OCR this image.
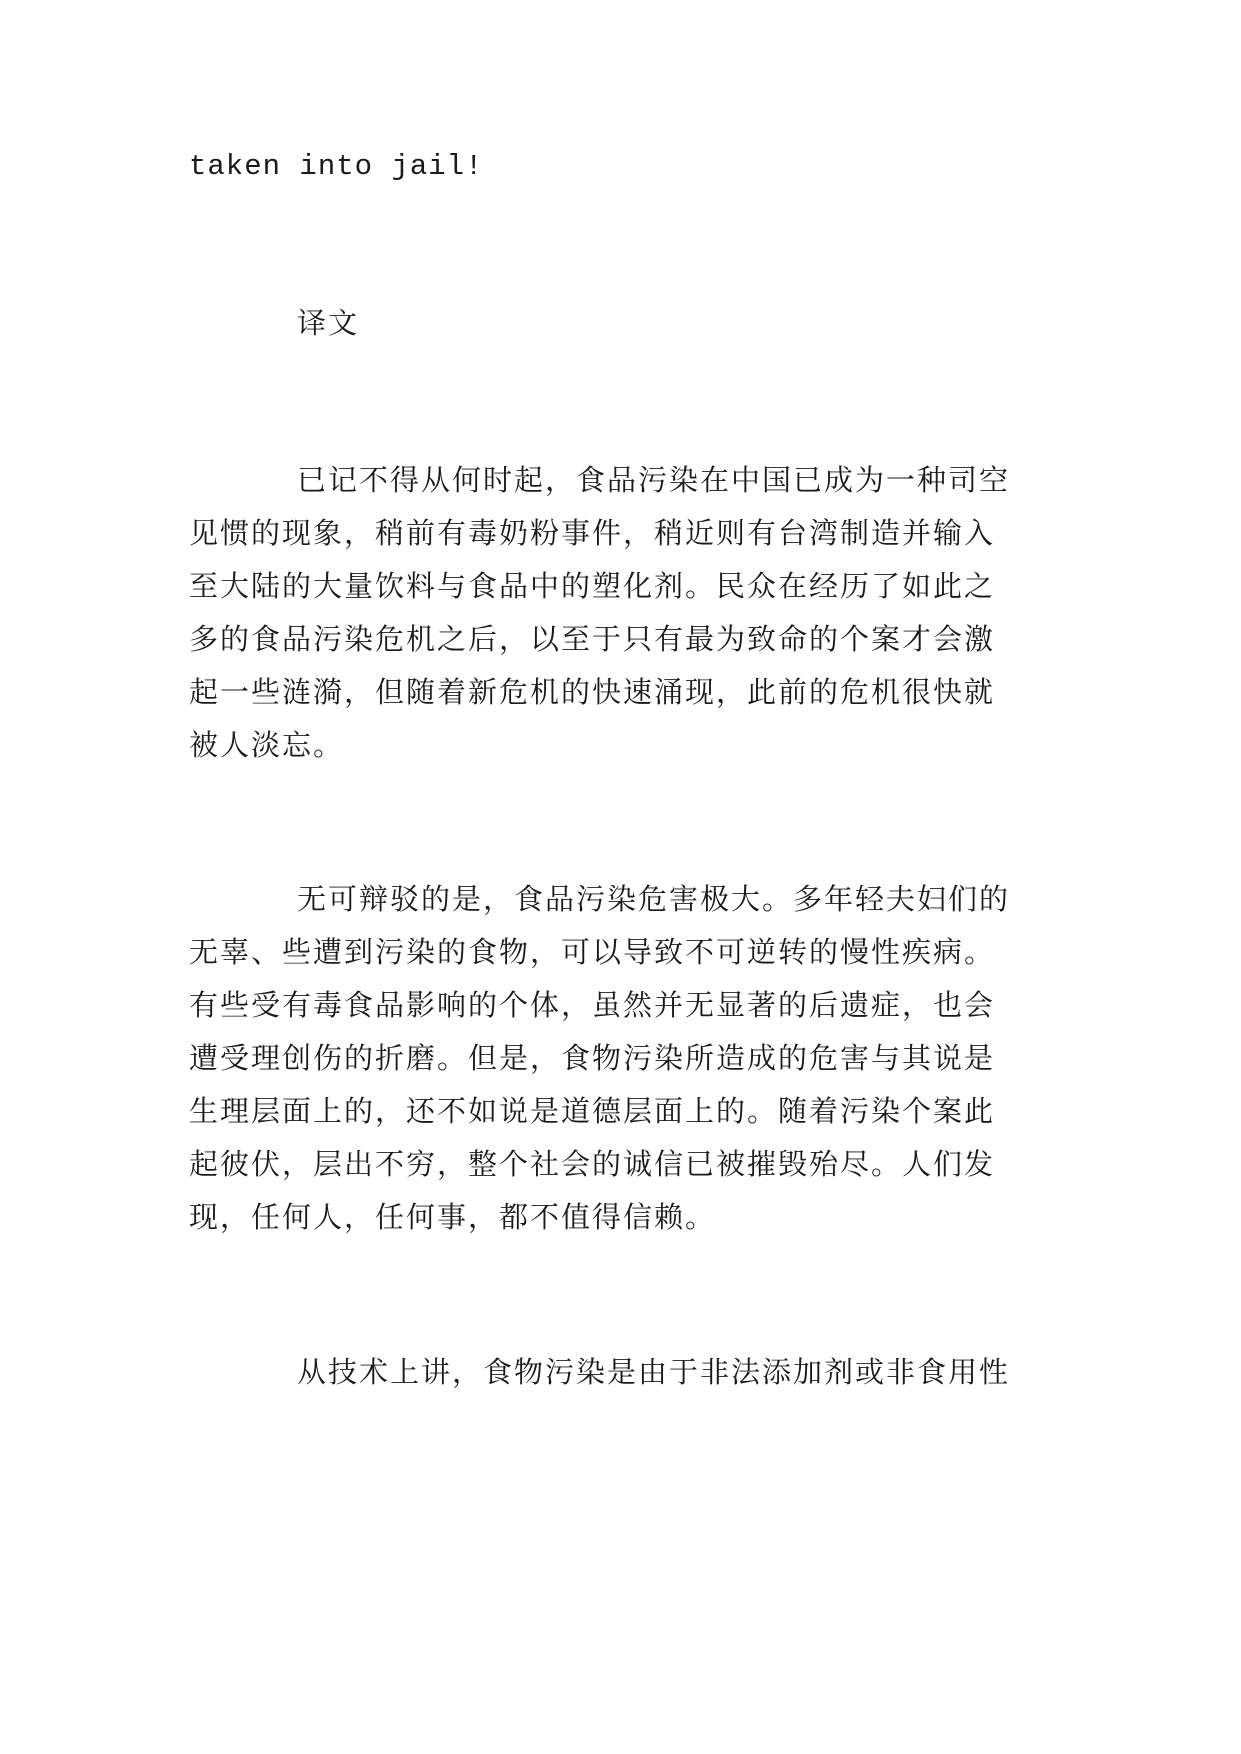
taken into jail!
译文
已记不得从何时起，食品污染在中国已成为一种司空
见惯的现象，稍前有毒奶粉事件，稍近则有台湾制造并输入
至大陆的大量饮料与食品中的塑化剂。民众在经历了如此之
多的食品污染危机之后，以至于只有最为致命的个案才会激
起一些涟漪，但随着新危机的快速涌现，此前的危机很快就
被人淡忘。
无可辩驳的是，食品污染危害极大。多年轻夫妇们的
无辜、些遭到污染的食物，可以导致不可逆转的慢性疾病。
有些受有毒食品影响的个体，虽然并无显著的后遗症，也会
遭受理创伤的折磨。但是，食物污染所造成的危害与其说是
生理层面上的，还不如说是道德层面上的。随着污染个案此
起彼伏，层出不穷，整个社会的诚信已被摧毁殆尽。人们发
现，任何人，任何事，都不值得信赖。
从技术上讲，食物污染是由于非法添加剂或非食用性
